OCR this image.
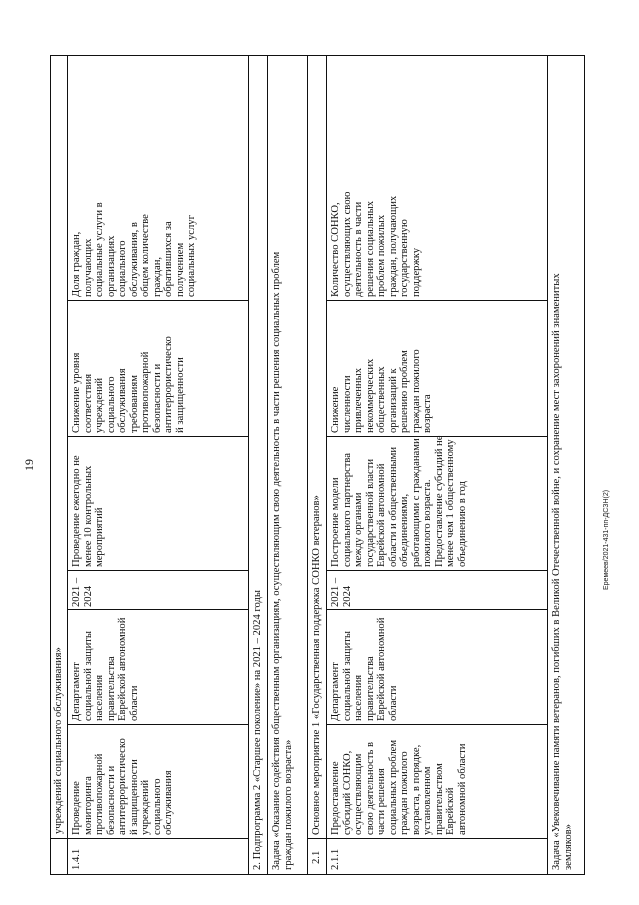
19
учреждений социального обслуживания»
1.4.1
Проведение
мониторинга
противопожарной
безопасности и
антитеррористическо
й защищенности
учреждений
социального
обслуживания
Департамент
социальной защиты
населения
правительства
Еврейской автономной
области
2021 –
2024
Проведение ежегодно не
менее 10 контрольных
мероприятий
Снижение уровня
соответствия
учреждений
социального
обслуживания
требованиям
противопожарной
безопасности и
антитеррористическо
й защищенности
Доля граждан,
получающих
социальные услуги в
организациях
социального
обслуживания, в
общем количестве
граждан,
обратившихся за
получением
социальных услуг
2. Подпрограмма 2 «Старшее поколение» на 2021 – 2024 годы Задача «Оказание содействия общественным организациям, осуществляющим свою деятельность в части решения социальных проблем
граждан пожилого возраста»
2.1
Основное мероприятие 1 «Государственная поддержка СОНКО ветеранов»
2.1.1
Предоставление
субсидий СОНКО,
осуществляющим
свою деятельность в
части решения
социальных проблем
граждан пожилого
возраста, в порядке,
установленном
правительством
Еврейской
автономной области
Департамент
социальной защиты
населения
правительства
Еврейской автономной
области
2021 –
2024
Построение модели
социального партнерства
между органами
государственной власти
Еврейской автономной
области и общественными
объединениями,
работающими с гражданами
пожилого возраста.
Предоставление субсидий не
менее чем 1 общественному
объединению в год
Снижение
численности
привлеченных
некоммерческих
общественных
организаций к
решению проблем
граждан пожилого
возраста
Количество СОНКО,
осуществляющих свою
деятельность в части
решения социальных
проблем пожилых
граждан, получающих
государственную
поддержку
Задача «Увековечивание памяти ветеранов, погибших в Великой Отечественной войне, и сохранение мест захоронений знаменитых
земляков»
Еремеев/2021-431-пп-ДСЗН(2)
